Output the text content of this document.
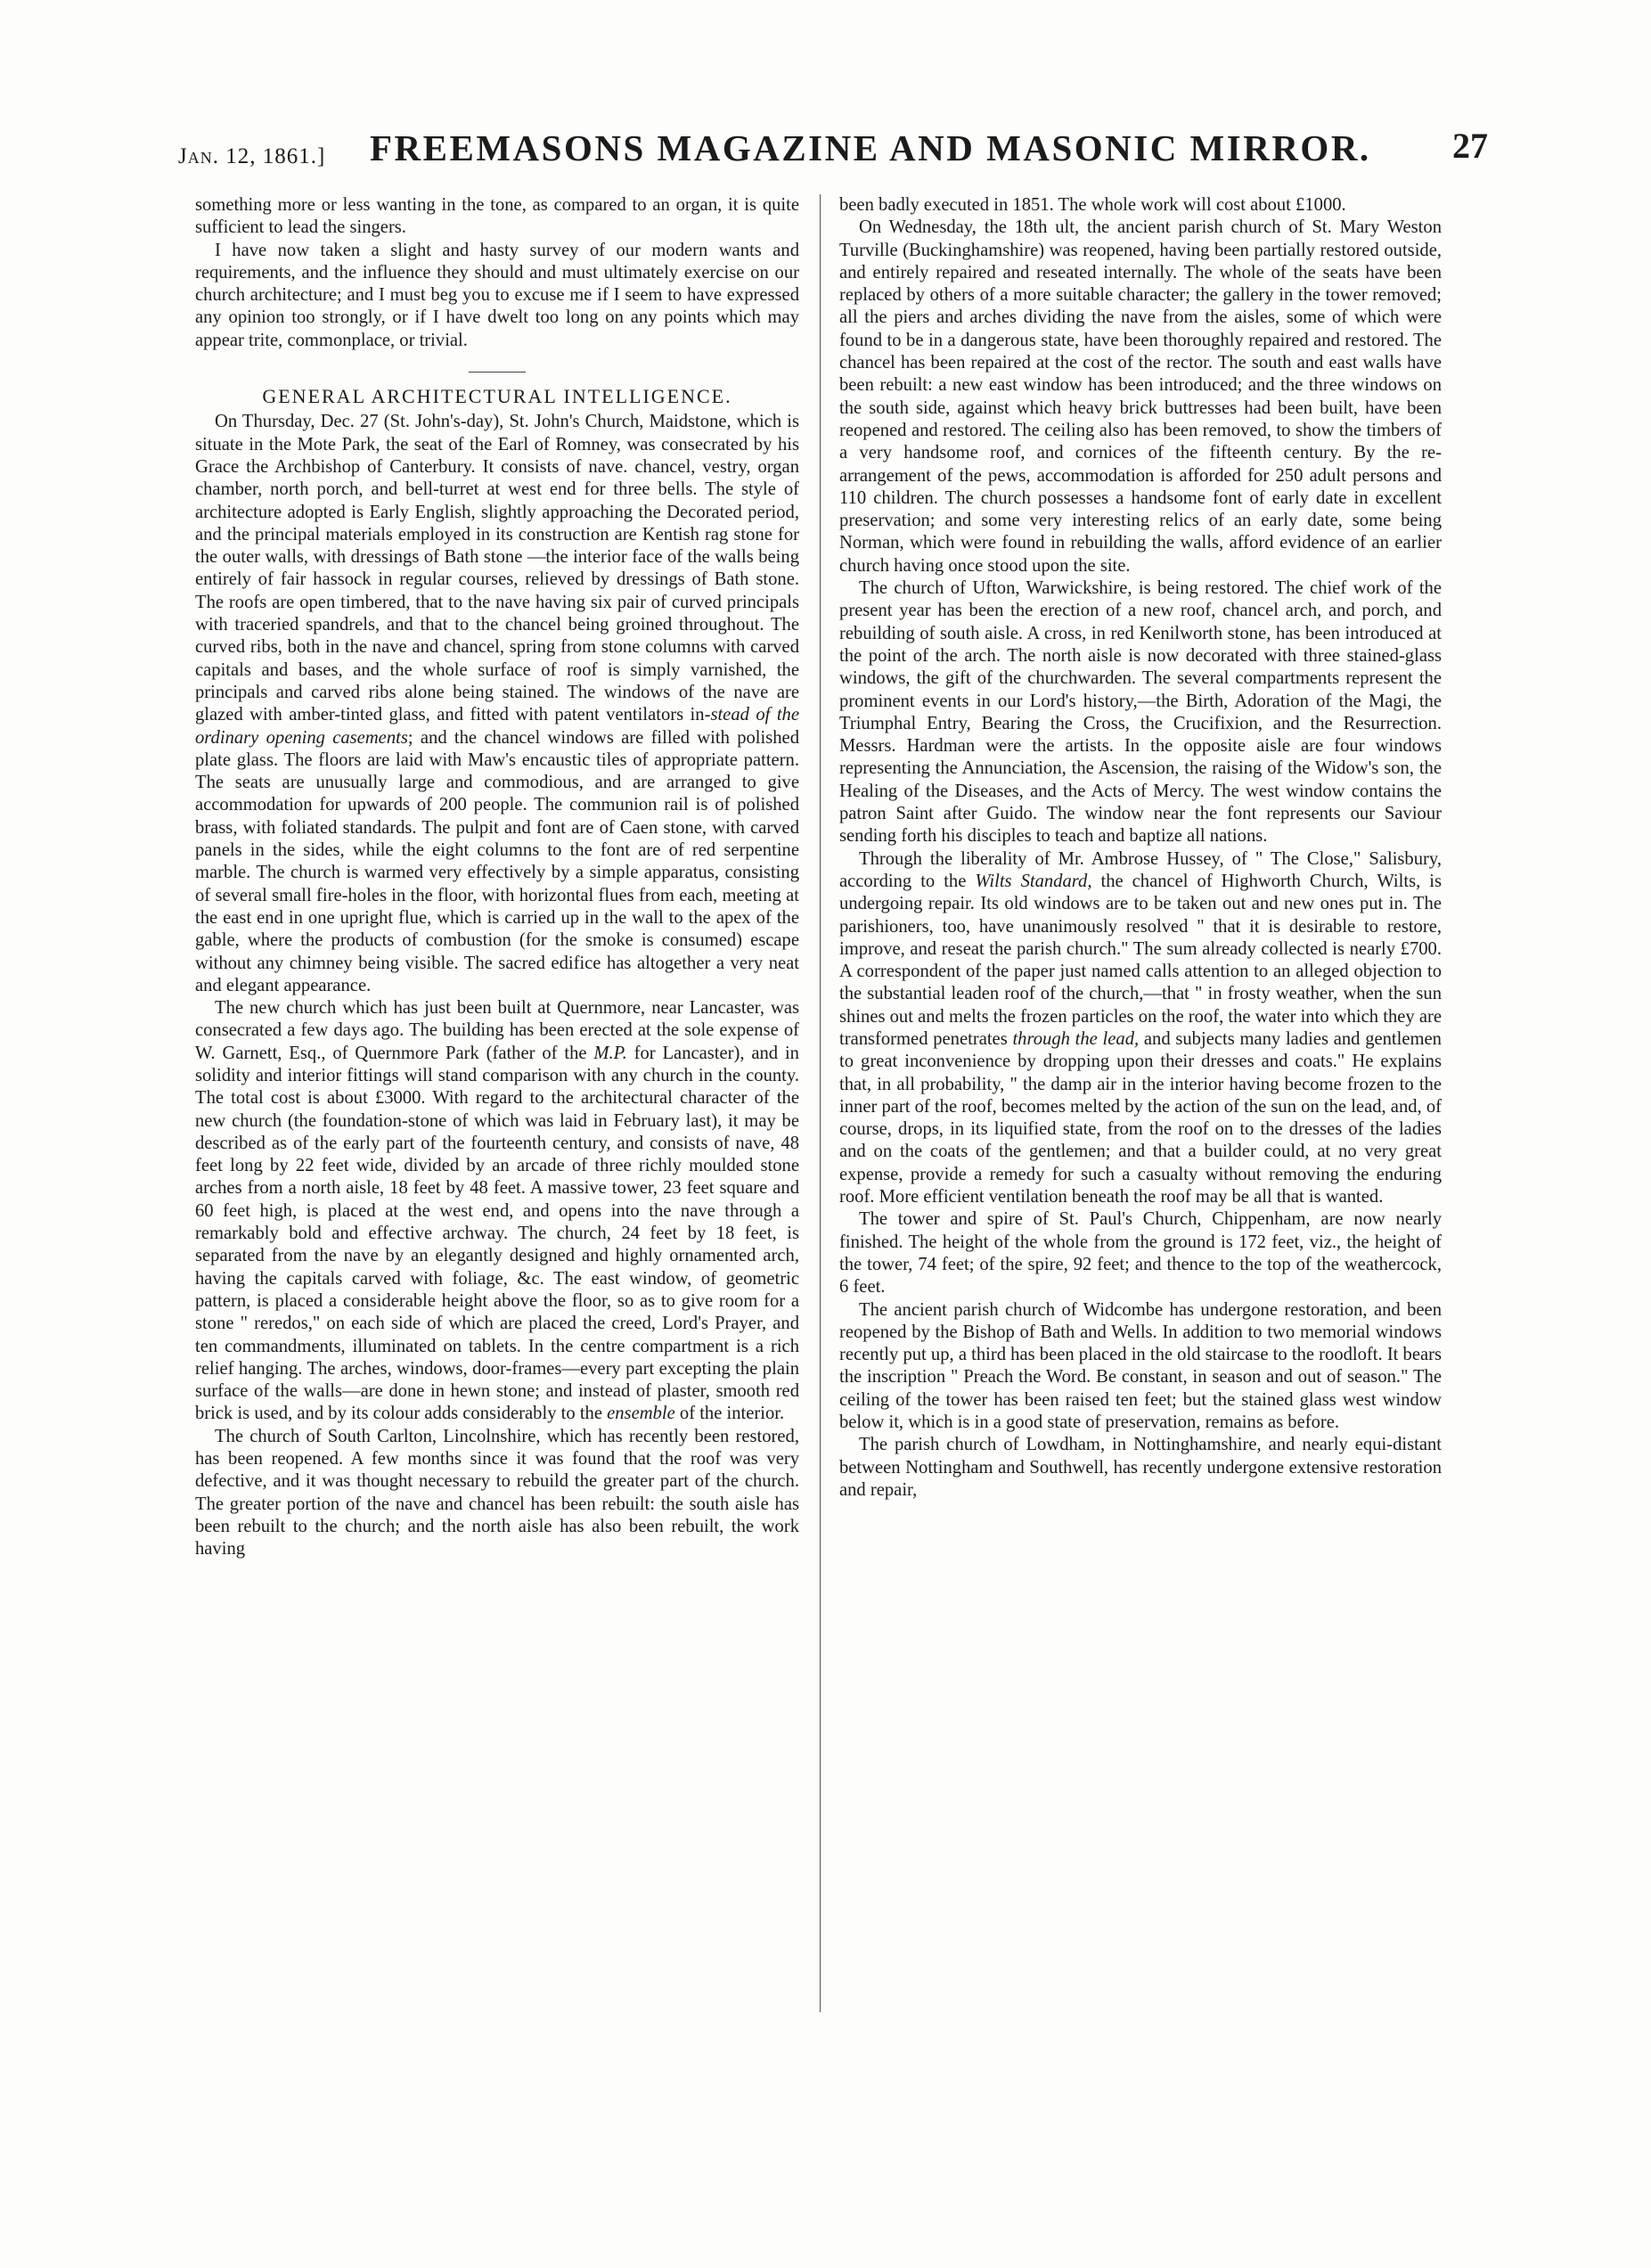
Jan. 12, 1861.] FREEMASONS MAGAZINE AND MASONIC MIRROR. 27

something more or less wanting in the tone, as compared to an organ, it is quite sufficient to lead the singers.

I have now taken a slight and hasty survey of our modern wants and requirements, and the influence they should and must ultimately exercise on our church architecture; and I must beg you to excuse me if I seem to have expressed any opinion too strongly, or if I have dwelt too long on any points which may appear trite, commonplace, or trivial.

GENERAL ARCHITECTURAL INTELLIGENCE.

On Thursday, Dec. 27 (St. John's-day), St. John's Church, Maidstone, which is situate in the Mote Park, the seat of the Earl of Romney, was consecrated by his Grace the Archbishop of Canterbury. It consists of nave. chancel, vestry, organ chamber, north porch, and bell-turret at west end for three bells. The style of architecture adopted is Early English, slightly approaching the Decorated period, and the principal materials employed in its construction are Kentish rag stone for the outer walls, with dressings of Bath stone —the interior face of the walls being entirely of fair hassock in regular courses, relieved by dressings of Bath stone. The roofs are open timbered, that to the nave having six pair of curved principals with traceried spandrels, and that to the chancel being groined throughout. The curved ribs, both in the nave and chancel, spring from stone columns with carved capitals and bases, and the whole surface of roof is simply varnished, the principals and carved ribs alone being stained. The windows of the nave are glazed with amber-tinted glass, and fitted with patent ventilators in-stead of the ordinary opening casements; and the chancel windows are filled with polished plate glass. The floors are laid with Maw's encaustic tiles of appropriate pattern. The seats are unusually large and commodious, and are arranged to give accommodation for upwards of 200 people. The communion rail is of polished brass, with foliated standards. The pulpit and font are of Caen stone, with carved panels in the sides, while the eight columns to the font are of red serpentine marble. The church is warmed very effectively by a simple apparatus, consisting of several small fire-holes in the floor, with horizontal flues from each, meeting at the east end in one upright flue, which is carried up in the wall to the apex of the gable, where the products of combustion (for the smoke is consumed) escape without any chimney being visible. The sacred edifice has altogether a very neat and elegant appearance.

The new church which has just been built at Quernmore, near Lancaster, was consecrated a few days ago. The building has been erected at the sole expense of W. Garnett, Esq., of Quernmore Park (father of the M.P. for Lancaster), and in solidity and interior fittings will stand comparison with any church in the county. The total cost is about £3000. With regard to the architectural character of the new church (the foundation-stone of which was laid in February last), it may be described as of the early part of the fourteenth century, and consists of nave, 48 feet long by 22 feet wide, divided by an arcade of three richly moulded stone arches from a north aisle, 18 feet by 48 feet. A massive tower, 23 feet square and 60 feet high, is placed at the west end, and opens into the nave through a remarkably bold and effective archway. The church, 24 feet by 18 feet, is separated from the nave by an elegantly designed and highly ornamented arch, having the capitals carved with foliage, &c. The east window, of geometric pattern, is placed a considerable height above the floor, so as to give room for a stone " reredos," on each side of which are placed the creed, Lord's Prayer, and ten commandments, illuminated on tablets. In the centre compartment is a rich relief hanging. The arches, windows, door-frames—every part excepting the plain surface of the walls—are done in hewn stone; and instead of plaster, smooth red brick is used, and by its colour adds considerably to the ensemble of the interior.

The church of South Carlton, Lincolnshire, which has recently been restored, has been reopened. A few months since it was found that the roof was very defective, and it was thought necessary to rebuild the greater part of the church. The greater portion of the nave and chancel has been rebuilt: the south aisle has been rebuilt to the church; and the north aisle has also been rebuilt, the work having

been badly executed in 1851. The whole work will cost about £1000.

On Wednesday, the 18th ult, the ancient parish church of St. Mary Weston Turville (Buckinghamshire) was reopened, having been partially restored outside, and entirely repaired and reseated internally. The whole of the seats have been replaced by others of a more suitable character; the gallery in the tower removed; all the piers and arches dividing the nave from the aisles, some of which were found to be in a dangerous state, have been thoroughly repaired and restored. The chancel has been repaired at the cost of the rector. The south and east walls have been rebuilt: a new east window has been introduced; and the three windows on the south side, against which heavy brick buttresses had been built, have been reopened and restored. The ceiling also has been removed, to show the timbers of a very handsome roof, and cornices of the fifteenth century. By the re-arrangement of the pews, accommodation is afforded for 250 adult persons and 110 children. The church possesses a handsome font of early date in excellent preservation; and some very interesting relics of an early date, some being Norman, which were found in rebuilding the walls, afford evidence of an earlier church having once stood upon the site.

The church of Ufton, Warwickshire, is being restored. The chief work of the present year has been the erection of a new roof, chancel arch, and porch, and rebuilding of south aisle. A cross, in red Kenilworth stone, has been introduced at the point of the arch. The north aisle is now decorated with three stained-glass windows, the gift of the churchwarden. The several compartments represent the prominent events in our Lord's history,—the Birth, Adoration of the Magi, the Triumphal Entry, Bearing the Cross, the Crucifixion, and the Resurrection. Messrs. Hardman were the artists. In the opposite aisle are four windows representing the Annunciation, the Ascension, the raising of the Widow's son, the Healing of the Diseases, and the Acts of Mercy. The west window contains the patron Saint after Guido. The window near the font represents our Saviour sending forth his disciples to teach and baptize all nations.

Through the liberality of Mr. Ambrose Hussey, of " The Close," Salisbury, according to the Wilts Standard, the chancel of Highworth Church, Wilts, is undergoing repair. Its old windows are to be taken out and new ones put in. The parishioners, too, have unanimously resolved " that it is desirable to restore, improve, and reseat the parish church." The sum already collected is nearly £700. A correspondent of the paper just named calls attention to an alleged objection to the substantial leaden roof of the church,—that " in frosty weather, when the sun shines out and melts the frozen particles on the roof, the water into which they are transformed penetrates through the lead, and subjects many ladies and gentlemen to great inconvenience by dropping upon their dresses and coats." He explains that, in all probability, " the damp air in the interior having become frozen to the inner part of the roof, becomes melted by the action of the sun on the lead, and, of course, drops, in its liquified state, from the roof on to the dresses of the ladies and on the coats of the gentlemen; and that a builder could, at no very great expense, provide a remedy for such a casualty without removing the enduring roof. More efficient ventilation beneath the roof may be all that is wanted.

The tower and spire of St. Paul's Church, Chippenham, are now nearly finished. The height of the whole from the ground is 172 feet, viz., the height of the tower, 74 feet; of the spire, 92 feet; and thence to the top of the weathercock, 6 feet.

The ancient parish church of Widcombe has undergone restoration, and been reopened by the Bishop of Bath and Wells. In addition to two memorial windows recently put up, a third has been placed in the old staircase to the roodloft. It bears the inscription " Preach the Word. Be constant, in season and out of season." The ceiling of the tower has been raised ten feet; but the stained glass west window below it, which is in a good state of preservation, remains as before.

The parish church of Lowdham, in Nottinghamshire, and nearly equi-distant between Nottingham and Southwell, has recently undergone extensive restoration and repair,
